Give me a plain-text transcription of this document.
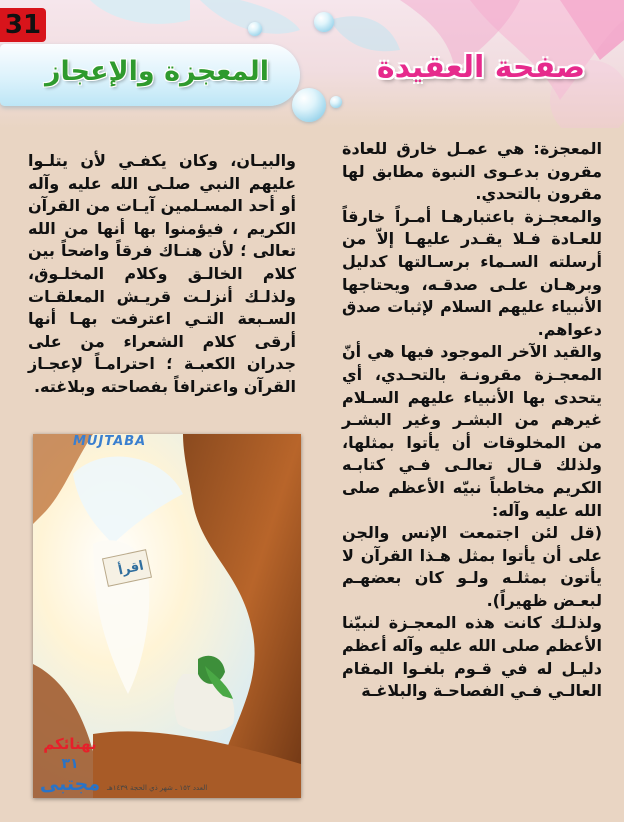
31
المعجزة والإعجاز	صفحة العقيدة

المعجزة: هي عمـل خارق للعادة مقرون بدعـوى النبوة مطابق لها مقرون بالتحدي.

والمعجـزة باعتبارهـا أمـراً خارقاً للعـادة فـلا يقـدر عليهـا إلاّ من أرسلته السـماء برسـالتها كدليل وبرهـان علـى صدقـه، ويحتاجها الأنبياء عليهم السلام لإثبات صدق دعواهم.

والقيد الآخر الموجود فيها هي أنّ المعجـزة مقرونـة بالتحـدي، أي يتحدى بها الأنبياء عليهم السـلام غيرهم من البشـر وغير البشـر من المخلوقات أن يأتوا بمثلها، ولذلك قـال تعالـى فـي كتابـه الكريم مخاطباً نبيّه الأعظم صلى الله عليه وآله:

(قل لئن اجتمعت الإنس والجن على أن يأتوا بمثل هـذا القرآن لا يأتون بمثلـه ولـو كان بعضهـم لبعـض ظهيراً).

ولذلـك كانت هذه المعجـزة لنبيّنا الأعظم صلى الله عليه وآله أعظم دليـل له في قـوم بلغـوا المقام العالـي فـي الفصاحـة والبلاغـة

والبيـان، وكان يكفـي لأن يتلـوا عليهم النبي صلـى الله عليه وآله أو أحد المسـلمين آيـات من القرآن الكريم ، فيؤمنوا بها أنها من الله تعالى ؛ لأن هنـاك فرقاً واضحاً بين كلام الخالـق وكلام المخلـوق، ولذلـك أنزلـت قريـش المعلقـات السـبعة التـي اعترفت بهـا أنها أرقى كلام الشعراء من على جدران الكعبـة ؛ احترامـاً لإعجـاز القرآن واعترافاً بفصاحته وبلاغته.

MUJTABA
اقرأ
نهنائكم
٣١
مجتبى العدد ١٥٢ ـ شهر ذي الحجة ١٤٣٩هـ
